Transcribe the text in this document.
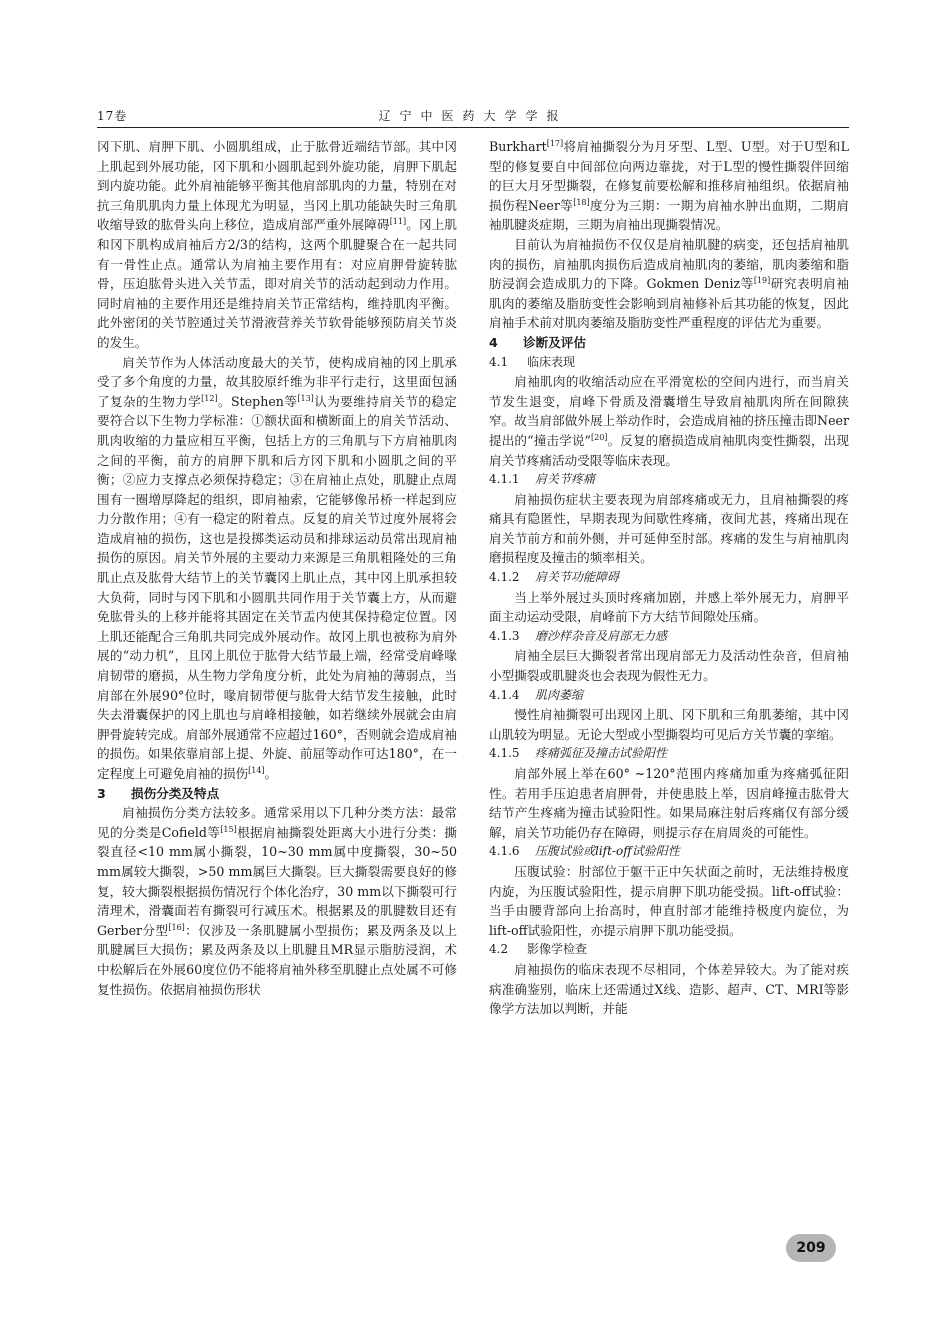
17卷	辽宁中医药大学学报

冈下肌、肩胛下肌、小圆肌组成，止于肱骨近端结节部。其中冈上肌起到外展功能，冈下肌和小圆肌起到外旋功能，肩胛下肌起到内旋功能。此外肩袖能够平衡其他肩部肌肉的力量，特别在对抗三角肌肌肉力量上体现尤为明显，当冈上肌功能缺失时三角肌收缩导致的肱骨头向上移位，造成肩部严重外展障碍[11]。冈上肌和冈下肌构成肩袖后方2/3的结构，这两个肌腱聚合在一起共同有一骨性止点。通常认为肩袖主要作用有：对应肩胛骨旋转肱骨，压迫肱骨头进入关节盂，即对肩关节的活动起到动力作用。同时肩袖的主要作用还是维持肩关节正常结构，维持肌肉平衡。此外密闭的关节腔通过关节滑液营养关节软骨能够预防肩关节炎的发生。

肩关节作为人体活动度最大的关节，使构成肩袖的冈上肌承受了多个角度的力量，故其胶原纤维为非平行走行，这里面包涵了复杂的生物力学[12]。Stephen等[13]认为要维持肩关节的稳定要符合以下生物力学标准：①额状面和横断面上的肩关节活动、肌肉收缩的力量应相互平衡，包括上方的三角肌与下方肩袖肌肉之间的平衡，前方的肩胛下肌和后方冈下肌和小圆肌之间的平衡；②应力支撑点必须保持稳定；③在肩袖止点处，肌腱止点周围有一圈增厚降起的组织，即肩袖索，它能够像吊桥一样起到应力分散作用；④有一稳定的附着点。反复的肩关节过度外展将会造成肩袖的损伤，这也是投掷类运动员和排球运动员常出现肩袖损伤的原因。肩关节外展的主要动力来源是三角肌粗隆处的三角肌止点及肱骨大结节上的关节囊冈上肌止点，其中冈上肌承担较大负荷，同时与冈下肌和小圆肌共同作用于关节囊上方，从而避免肱骨头的上移并能将其固定在关节盂内使其保持稳定位置。冈上肌还能配合三角肌共同完成外展动作。故冈上肌也被称为肩外展的“动力机”，且冈上肌位于肱骨大结节最上端，经常受肩峰喙肩韧带的磨损，从生物力学角度分析，此处为肩袖的薄弱点，当肩部在外展90°位时，喙肩韧带便与肱骨大结节发生接触，此时失去滑囊保护的冈上肌也与肩峰相接触，如若继续外展就会由肩胛骨旋转完成。肩部外展通常不应超过160°，否则就会造成肩袖的损伤。如果依靠肩部上提、外旋、前屈等动作可达180°，在一定程度上可避免肩袖的损伤[14]。

3 损伤分类及特点

肩袖损伤分类方法较多。通常采用以下几种分类方法：最常见的分类是Cofield等[15]根据肩袖撕裂处距离大小进行分类：撕裂直径<10 mm属小撕裂，10~30 mm属中度撕裂，30~50 mm属较大撕裂，>50 mm属巨大撕裂。巨大撕裂需要良好的修复，较大撕裂根据损伤情况行个体化治疗，30 mm以下撕裂可行清理术，滑囊面若有撕裂可行减压术。根据累及的肌腱数目还有Gerber分型[16]：仅涉及一条肌腱属小型损伤；累及两条及以上肌腱属巨大损伤；累及两条及以上肌腱且MR显示脂肪浸润，术中松解后在外展60度位仍不能将肩袖外移至肌腱止点处属不可修复性损伤。依据肩袖损伤形状

Burkhart[17]将肩袖撕裂分为月牙型、L型、U型。对于U型和L型的修复要自中间部位向两边靠拢，对于L型的慢性撕裂伴回缩的巨大月牙型撕裂，在修复前要松解和推移肩袖组织。依据肩袖损伤程Neer等[18]度分为三期：一期为肩袖水肿出血期，二期肩袖肌腱炎症期，三期为肩袖出现撕裂情况。

目前认为肩袖损伤不仅仅是肩袖肌腱的病变，还包括肩袖肌肉的损伤，肩袖肌肉损伤后造成肩袖肌肉的萎缩，肌肉萎缩和脂肪浸润会造成肌力的下降。Gokmen Deniz等[19]研究表明肩袖肌肉的萎缩及脂肪变性会影响到肩袖修补后其功能的恢复，因此肩袖手术前对肌肉萎缩及脂肪变性严重程度的评估尤为重要。

4 诊断及评估

4.1 临床表现

肩袖肌肉的收缩活动应在平滑宽松的空间内进行，而当肩关节发生退变，肩峰下骨质及滑囊增生导致肩袖肌肉所在间隙狭窄。故当肩部做外展上举动作时，会造成肩袖的挤压撞击即Neer提出的“撞击学说”[20]。反复的磨损造成肩袖肌肉变性撕裂，出现肩关节疼痛活动受限等临床表现。

4.1.1 肩关节疼痛

肩袖损伤症状主要表现为肩部疼痛或无力，且肩袖撕裂的疼痛具有隐匿性，早期表现为间歇性疼痛，夜间尤甚，疼痛出现在肩关节前方和前外侧，并可延伸至肘部。疼痛的发生与肩袖肌肉磨损程度及撞击的频率相关。

4.1.2 肩关节功能障碍

当上举外展过头顶时疼痛加剧，并感上举外展无力，肩胛平面主动运动受限，肩峰前下方大结节间隙处压痛。

4.1.3 磨沙样杂音及肩部无力感

肩袖全层巨大撕裂者常出现肩部无力及活动性杂音，但肩袖小型撕裂或肌腱炎也会表现为假性无力。

4.1.4 肌肉萎缩

慢性肩袖撕裂可出现冈上肌、冈下肌和三角肌萎缩，其中冈山肌较为明显。无论大型或小型撕裂均可见后方关节囊的挛缩。

4.1.5 疼痛弧征及撞击试验阳性

肩部外展上举在60° ~120°范围内疼痛加重为疼痛弧征阳性。若用手压迫患者肩胛骨，并使患肢上举，因肩峰撞击肱骨大结节产生疼痛为撞击试验阳性。如果局麻注射后疼痛仅有部分缓解，肩关节功能仍存在障碍，则提示存在肩周炎的可能性。

4.1.6 压腹试验或lift-off试验阳性

压腹试验：肘部位于躯干正中矢状面之前时，无法维持极度内旋，为压腹试验阳性，提示肩胛下肌功能受损。lift-off试验：当手由腰背部向上抬高时，伸直肘部才能维持极度内旋位，为lift-off试验阳性，亦提示肩胛下肌功能受损。

4.2 影像学检查

肩袖损伤的临床表现不尽相同，个体差异较大。为了能对疾病准确鉴别，临床上还需通过X线、造影、超声、CT、MRI等影像学方法加以判断，并能

209
